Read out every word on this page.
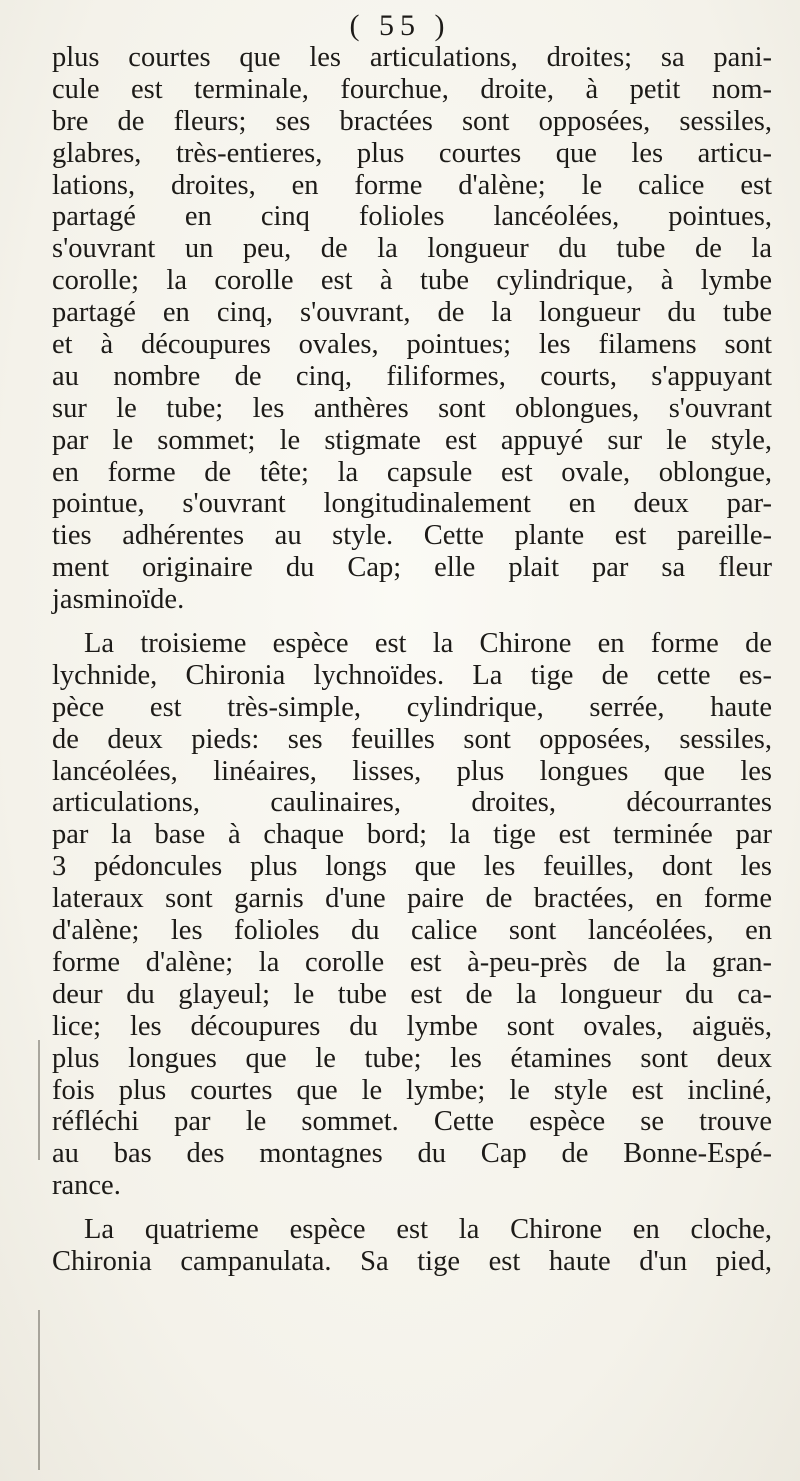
( 55 )
plus courtes que les articulations, droites; sa pani-
cule est terminale, fourchue, droite, à petit nom-
bre de fleurs; ses bractées sont opposées, sessiles,
glabres, très-entieres, plus courtes que les articu-
lations, droites, en forme d'alène; le calice est
partagé en cinq folioles lancéolées, pointues,
s'ouvrant un peu, de la longueur du tube de la
corolle; la corolle est à tube cylindrique, à lymbe
partagé en cinq, s'ouvrant, de la longueur du tube
et à découpures ovales, pointues; les filamens sont
au nombre de cinq, filiformes, courts, s'appuyant
sur le tube; les anthères sont oblongues, s'ouvrant
par le sommet; le stigmate est appuyé sur le style,
en forme de tête; la capsule est ovale, oblongue,
pointue, s'ouvrant longitudinalement en deux par-
ties adhérentes au style. Cette plante est pareille-
ment originaire du Cap; elle plait par sa fleur
jasminoïde.
La troisieme espèce est la Chirone en forme de
lychnide, Chironia lychnoïdes. La tige de cette es-
pèce est très-simple, cylindrique, serrée, haute
de deux pieds: ses feuilles sont opposées, sessiles,
lancéolées, linéaires, lisses, plus longues que les
articulations, caulinaires, droites, décourrantes
par la base à chaque bord; la tige est terminée par
3 pédoncules plus longs que les feuilles, dont les
lateraux sont garnis d'une paire de bractées, en forme
d'alène; les folioles du calice sont lancéolées, en
forme d'alène; la corolle est à-peu-près de la gran-
deur du glayeul; le tube est de la longueur du ca-
lice; les découpures du lymbe sont ovales, aiguës,
plus longues que le tube; les étamines sont deux
fois plus courtes que le lymbe; le style est incliné,
réfléchi par le sommet. Cette espèce se trouve
au bas des montagnes du Cap de Bonne-Espé-
rance.
La quatrieme espèce est la Chirone en cloche,
Chironia campanulata. Sa tige est haute d'un pied,
